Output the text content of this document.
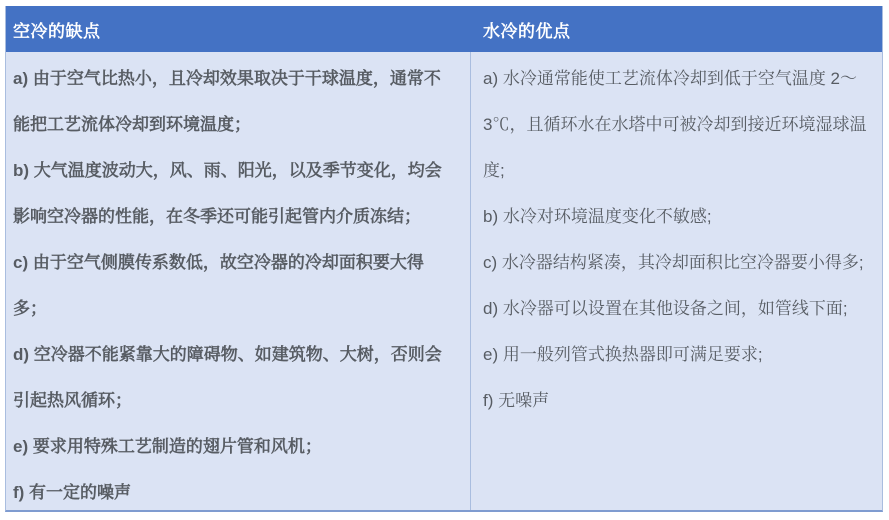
空冷的缺点	水冷的优点

a) 由于空气比热小，且冷却效果取决于干球温度，通常不能把工艺流体冷却到环境温度；

b) 大气温度波动大，风、雨、阳光，以及季节变化，均会影响空冷器的性能，在冬季还可能引起管内介质冻结；

c) 由于空气侧膜传系数低，故空冷器的冷却面积要大得多；

d) 空冷器不能紧靠大的障碍物、如建筑物、大树，否则会引起热风循环；

e) 要求用特殊工艺制造的翅片管和风机；

f) 有一定的噪声

a) 水冷通常能使工艺流体冷却到低于空气温度 2～3℃，且循环水在水塔中可被冷却到接近环境湿球温度;

b) 水冷对环境温度变化不敏感;

c) 水冷器结构紧凑，其冷却面积比空冷器要小得多;

d) 水冷器可以设置在其他设备之间，如管线下面;

e) 用一般列管式换热器即可满足要求;

f) 无噪声
